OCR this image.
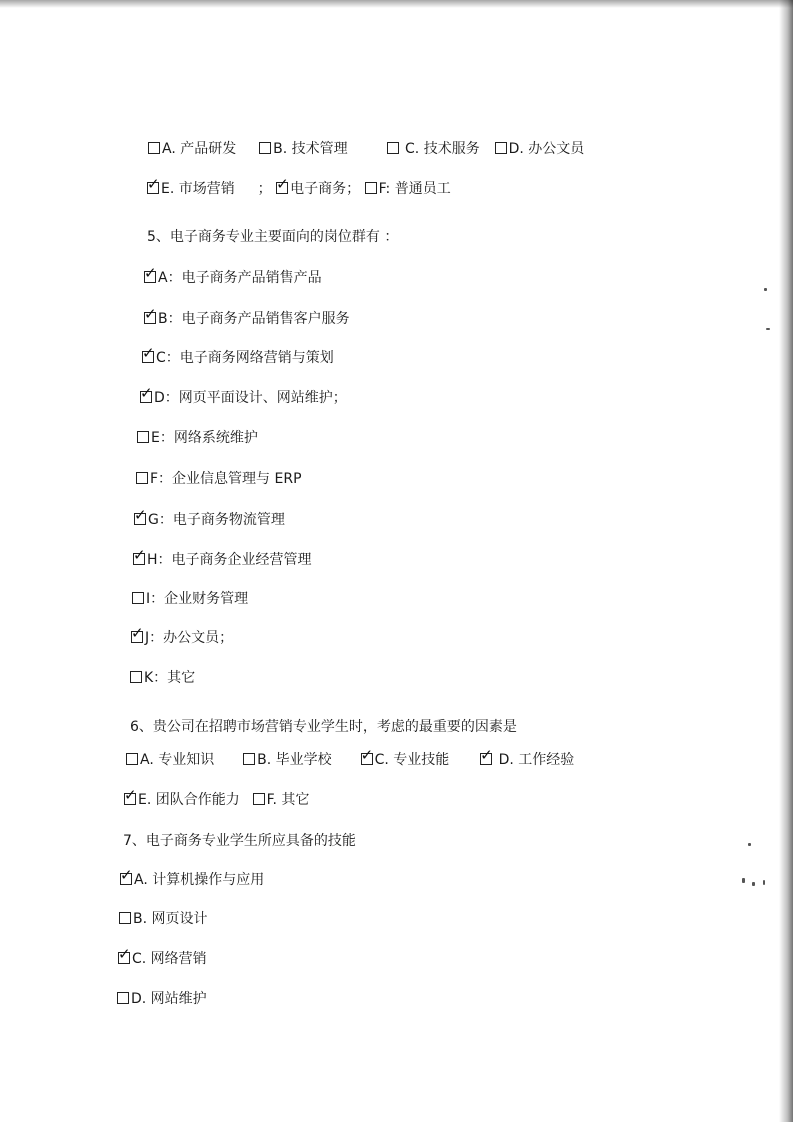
A. 产品研发	B. 技术管理	C. 技术服务 D. 办公文员
✓ E. 市场营销  ； ✓ 电子商务； F: 普通员工
5、电子商务专业主要面向的岗位群有 ：
✓ A：电子商务产品销售产品
✓ B：电子商务产品销售客户服务
✓ C：电子商务网络营销与策划
✓ D：网页平面设计、网站维护；
E：网络系统维护
F：企业信息管理与 ERP
✓ G：电子商务物流管理
✓ H：电子商务企业经营管理
I：企业财务管理
✓ J：办公文员；
K：其它
6、贵公司在招聘市场营销专业学生时，考虑的最重要的因素是
A. 专业知识	B. 毕业学校 ✓ C. 专业技能 ✓ D. 工作经验
✓ E. 团队合作能力 F. 其它
7、电子商务专业学生所应具备的技能
✓ A. 计算机操作与应用
B. 网页设计
✓ C. 网络营销
D. 网站维护
